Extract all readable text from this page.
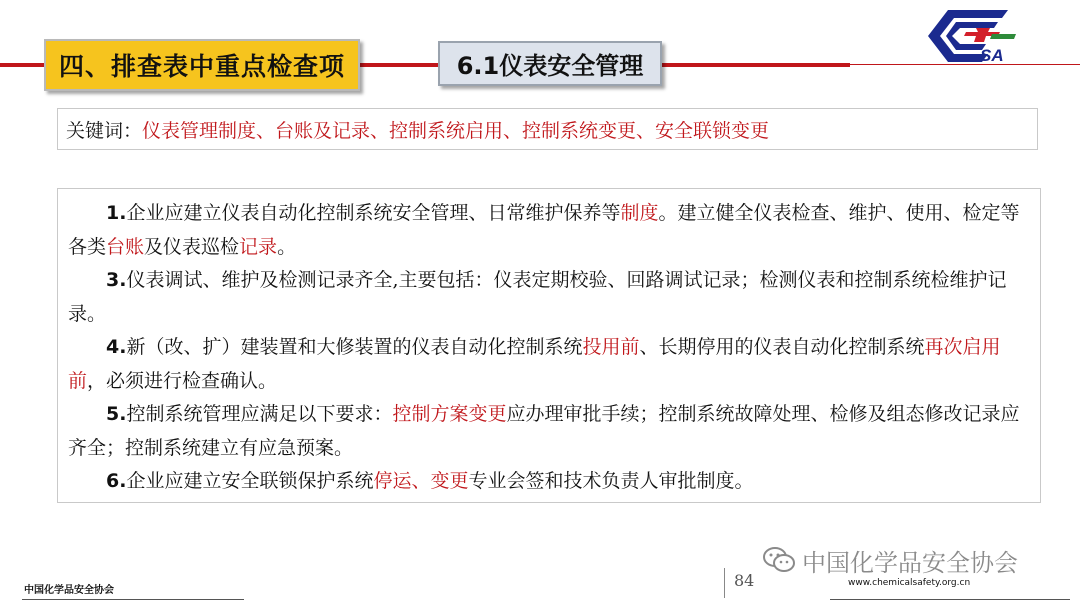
四、排查表中重点检查项	6.1仪表安全管理	SA
关键词： 仪表管理制度、台账及记录、控制系统启用、控制系统变更、安全联锁变更
1.企业应建立仪表自动化控制系统安全管理、日常维护保养等制度。建立健全仪表检查、维护、使用、检定等各类台账及仪表巡检记录。
3.仪表调试、维护及检测记录齐全,主要包括：仪表定期校验、回路调试记录；检测仪表和控制系统检维护记录。
4.新（改、扩）建装置和大修装置的仪表自动化控制系统投用前、长期停用的仪表自动化控制系统再次启用前，必须进行检查确认。
5.控制系统管理应满足以下要求：控制方案变更应办理审批手续；控制系统故障处理、检修及组态修改记录应齐全；控制系统建立有应急预案。
6.企业应建立安全联锁保护系统停运、变更专业会签和技术负责人审批制度。
中国化学品安全协会
中国化学品安全协会
84	www.chemicalsafety.org.cn
